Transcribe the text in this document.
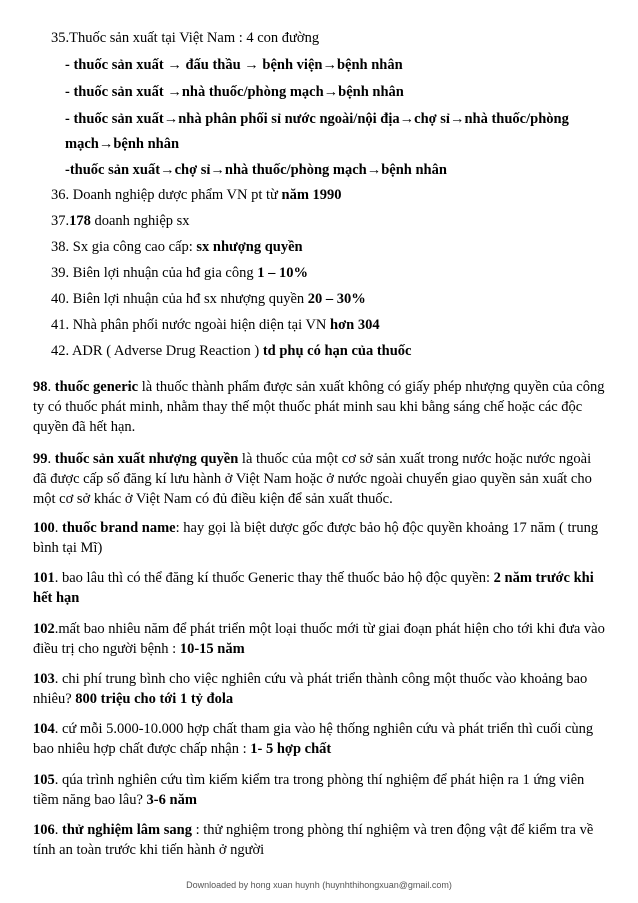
35.Thuốc sản xuất tại Việt Nam : 4 con đường
- thuốc sản xuất → đấu thầu → bệnh viện→bệnh nhân
- thuốc sản xuất →nhà thuốc/phòng mạch→bệnh nhân
- thuốc sản xuất→nhà phân phối sỉ nước ngoài/nội địa→chợ sỉ→nhà thuốc/phòng
mạch→bệnh nhân
-thuốc sản xuất→chợ sỉ→nhà thuốc/phòng mạch→bệnh nhân
36. Doanh nghiệp dược phẩm VN pt từ năm 1990
37.178 doanh nghiệp sx
38. Sx gia công cao cấp: sx nhượng quyền
39. Biên lợi nhuận của hđ gia công 1 – 10%
40. Biên lợi nhuận của hđ sx nhượng quyền 20 – 30%
41. Nhà phân phối nước ngoài hiện diện tại VN hơn 304
42. ADR ( Adverse Drug Reaction ) td phụ có hạn của thuốc
98. thuốc generic là thuốc thành phẩm được sản xuất không có giấy phép nhượng quyền của công ty có thuốc phát minh, nhằm thay thế một thuốc phát minh sau khi bằng sáng chế hoặc các độc quyền đã hết hạn.
99. thuốc sản xuất nhượng quyền là thuốc của một cơ sở sản xuất trong nước hoặc nước ngoài đã được cấp số đăng kí lưu hành ở Việt Nam hoặc ở nước ngoài chuyển giao quyền sản xuất cho một cơ sở khác ở Việt Nam có đủ điều kiện để sản xuất thuốc.
100. thuốc brand name: hay gọi là biệt dược gốc được bảo hộ độc quyền khoảng 17 năm ( trung bình tại Mĩ)
101. bao lâu thì có thể đăng kí thuốc Generic thay thế thuốc bảo hộ độc quyền: 2 năm trước khi hết hạn
102.mất bao nhiêu năm để phát triển một loại thuốc mới từ giai đoạn phát hiện cho tới khi đưa vào điều trị cho người bệnh : 10-15 năm
103. chi phí trung bình cho việc nghiên cứu và phát triển thành công một thuốc vào khoảng bao nhiêu? 800 triệu cho tới 1 tỷ đola
104. cứ mỗi 5.000-10.000 hợp chất tham gia vào hệ thống nghiên cứu và phát triển thì cuối cùng bao nhiêu hợp chất được chấp nhận : 1- 5 hợp chất
105. qúa trình nghiên cứu tìm kiếm kiểm tra trong phòng thí nghiệm để phát hiện ra 1 ứng viên tiềm năng bao lâu? 3-6 năm
106. thử nghiệm lâm sang : thử nghiệm trong phòng thí nghiệm và tren động vật để kiểm tra về tính an toàn trước khi tiến hành ở người
Downloaded by hong xuan huynh (huynhthihongxuan@gmail.com)
